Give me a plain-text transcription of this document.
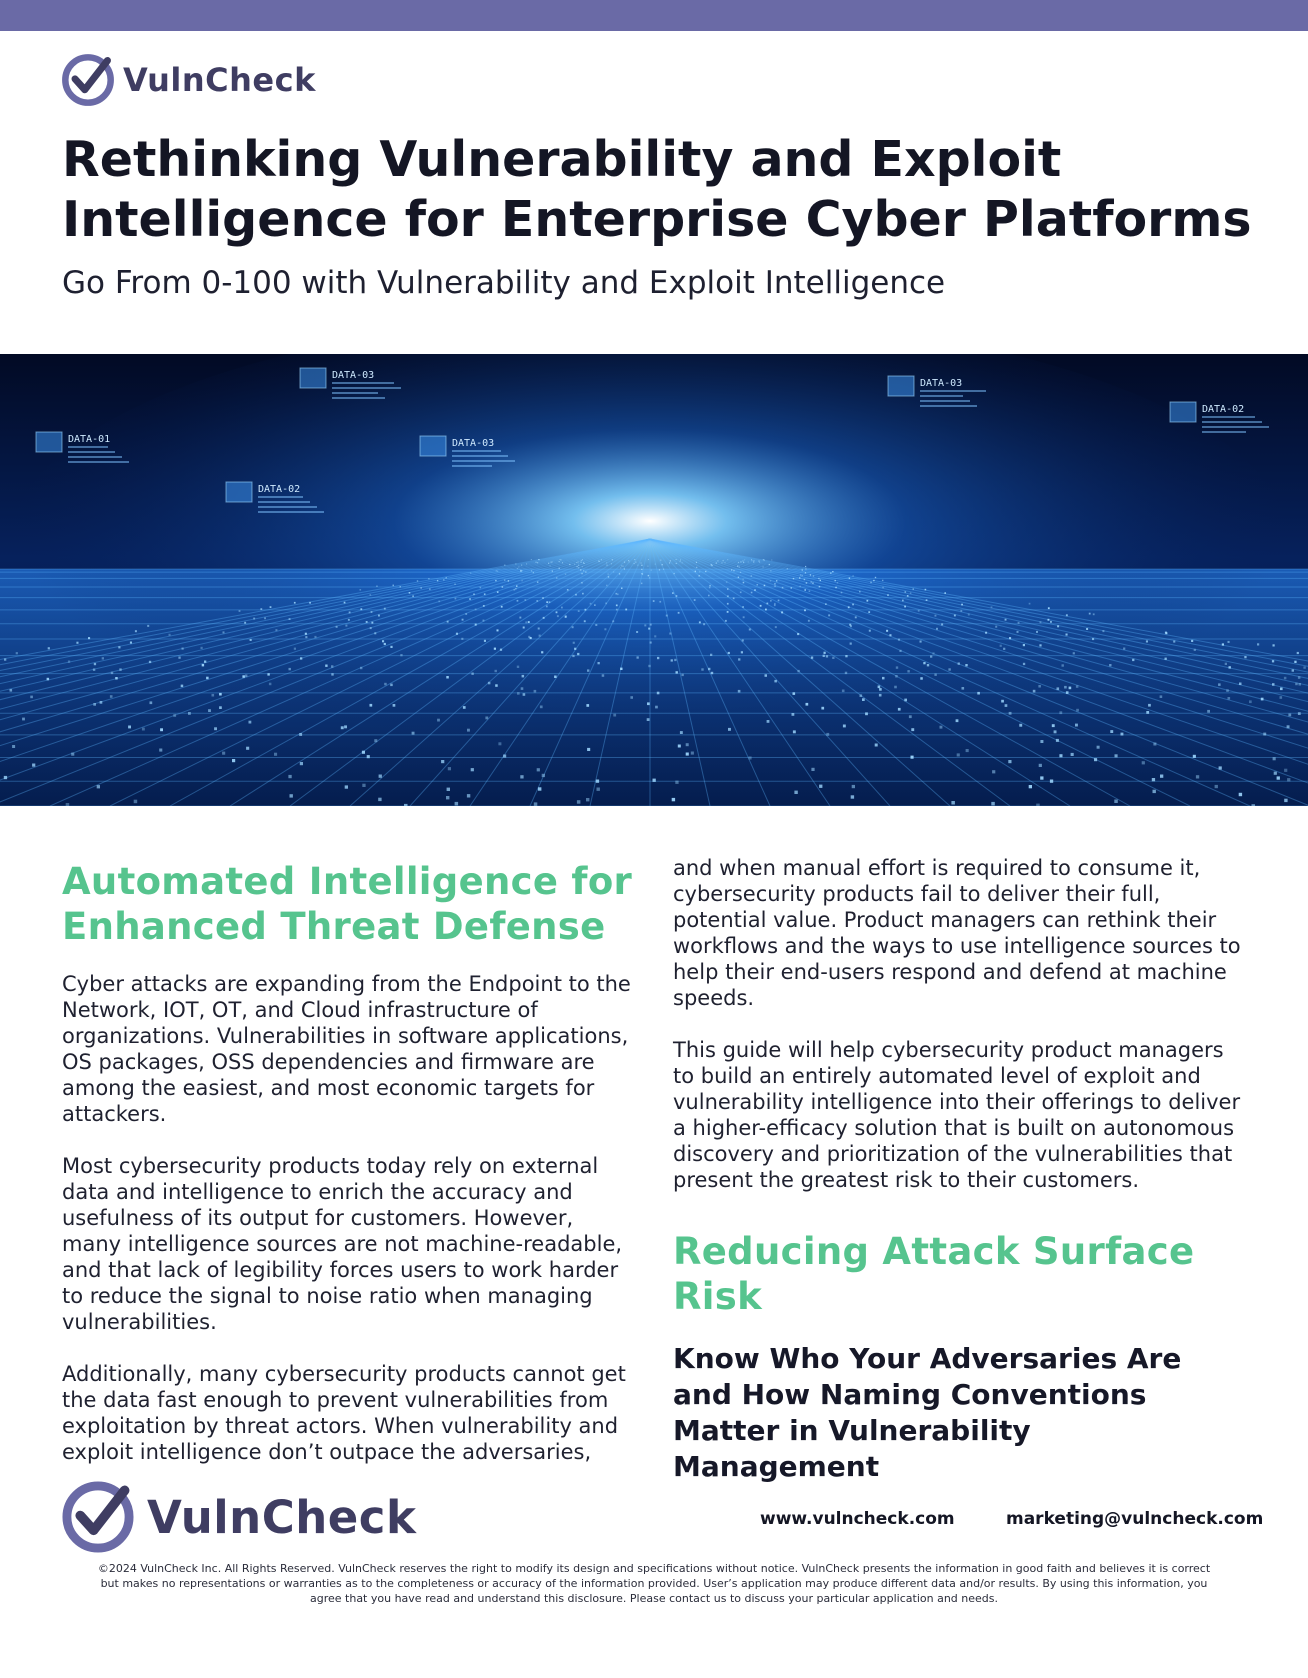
VulnCheck
Rethinking Vulnerability and Exploit
Intelligence for Enterprise Cyber Platforms
Go From 0-100 with Vulnerability and Exploit Intelligence
DATA-01
DATA-02
DATA-03
DATA-03
DATA-03
DATA-02
Automated Intelligence for Enhanced Threat Defense

Cyber attacks are expanding from the Endpoint to the Network, IOT, OT, and Cloud infrastructure of organizations. Vulnerabilities in software applications, OS packages, OSS dependencies and firmware are among the easiest, and most economic targets for attackers.

Most cybersecurity products today rely on external data and intelligence to enrich the accuracy and usefulness of its output for customers. However, many intelligence sources are not machine-readable, and that lack of legibility forces users to work harder to reduce the signal to noise ratio when managing vulnerabilities.

Additionally, many cybersecurity products cannot get the data fast enough to prevent vulnerabilities from exploitation by threat actors. When vulnerability and exploit intelligence don’t outpace the adversaries,

and when manual effort is required to consume it, cybersecurity products fail to deliver their full, potential value. Product managers can rethink their workflows and the ways to use intelligence sources to help their end-users respond and defend at machine speeds.

This guide will help cybersecurity product managers to build an entirely automated level of exploit and vulnerability intelligence into their offerings to deliver a higher-efficacy solution that is built on autonomous discovery and prioritization of the vulnerabilities that present the greatest risk to their customers.

Reducing Attack Surface Risk
Know Who Your Adversaries Are and How Naming Conventions Matter in Vulnerability Management
VulnCheck	www.vulncheck.com	marketing@vulncheck.com

©2024 VulnCheck Inc. All Rights Reserved. VulnCheck reserves the right to modify its design and specifications without notice. VulnCheck presents the information in good faith and believes it is correct but makes no representations or warranties as to the completeness or accuracy of the information provided. User’s application may produce different data and/or results. By using this information, you agree that you have read and understand this disclosure. Please contact us to discuss your particular application and needs.
